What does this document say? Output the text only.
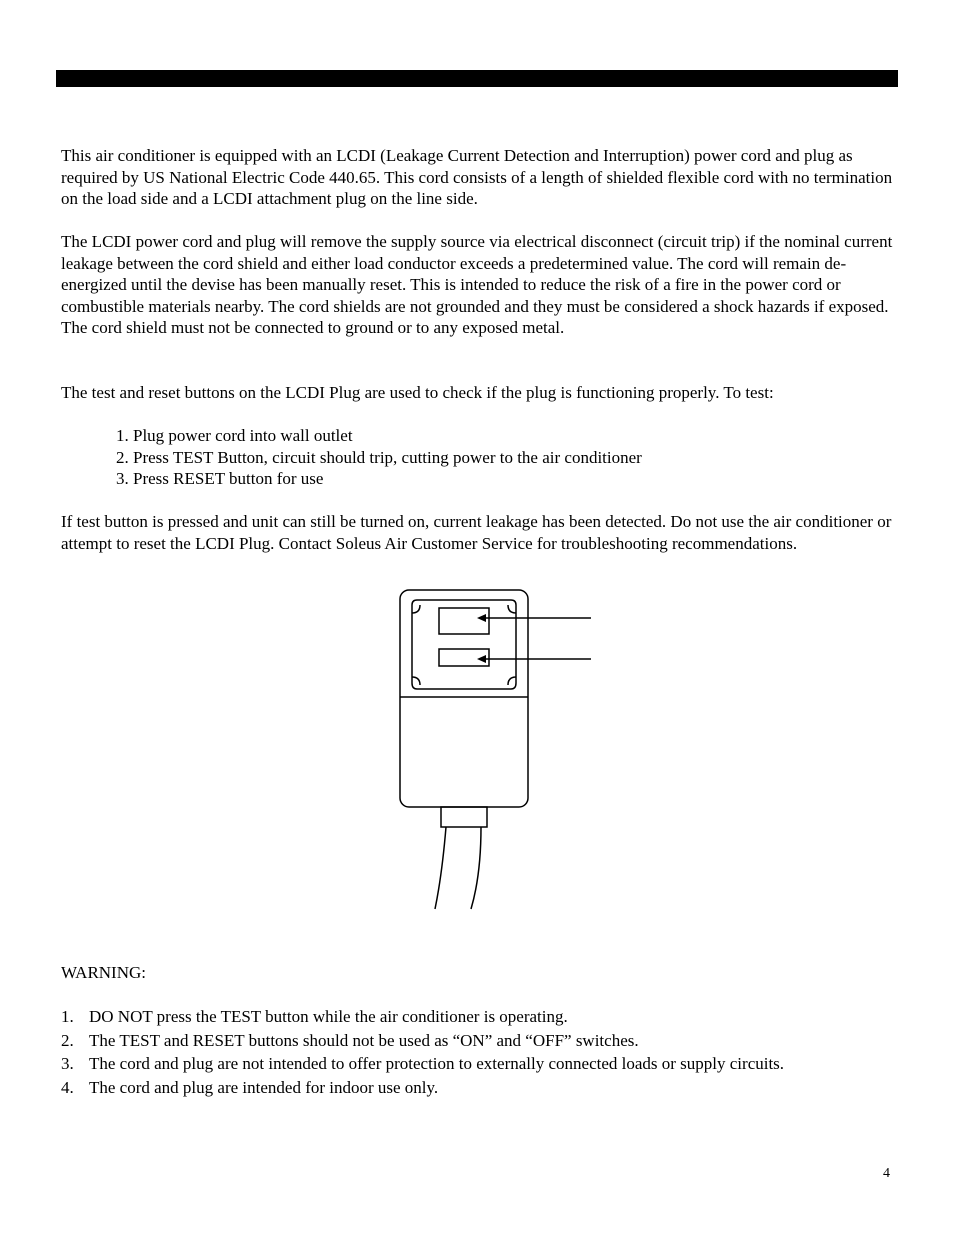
This air conditioner is equipped with an LCDI (Leakage Current Detection and Interruption) power cord and plug as required by US National Electric Code 440.65. This cord consists of a length of shielded flexible cord with no termination on the load side and a LCDI attachment plug on the line side.

The LCDI power cord and plug will remove the supply source via electrical disconnect (circuit trip) if the nominal current leakage between the cord shield and either load conductor exceeds a predetermined value. The cord will remain de-energized until the devise has been manually reset. This is intended to reduce the risk of a fire in the power cord or combustible materials nearby. The cord shields are not grounded and they must be considered a shock hazards if exposed. The cord shield must not be connected to ground or to any exposed metal.

The test and reset buttons on the LCDI Plug are used to check if the plug is functioning properly. To test:

1. Plug power cord into wall outlet
2. Press TEST Button, circuit should trip, cutting power to the air conditioner
3. Press RESET button for use

If test button is pressed and unit can still be turned on, current leakage has been detected. Do not use the air conditioner or attempt to reset the LCDI Plug. Contact Soleus Air Customer Service for troubleshooting recommendations.

WARNING:

1. DO NOT press the TEST button while the air conditioner is operating.
2. The TEST and RESET buttons should not be used as “ON” and “OFF” switches.
3. The cord and plug are not intended to offer protection to externally connected loads or supply circuits.
4. The cord and plug are intended for indoor use only.
4
